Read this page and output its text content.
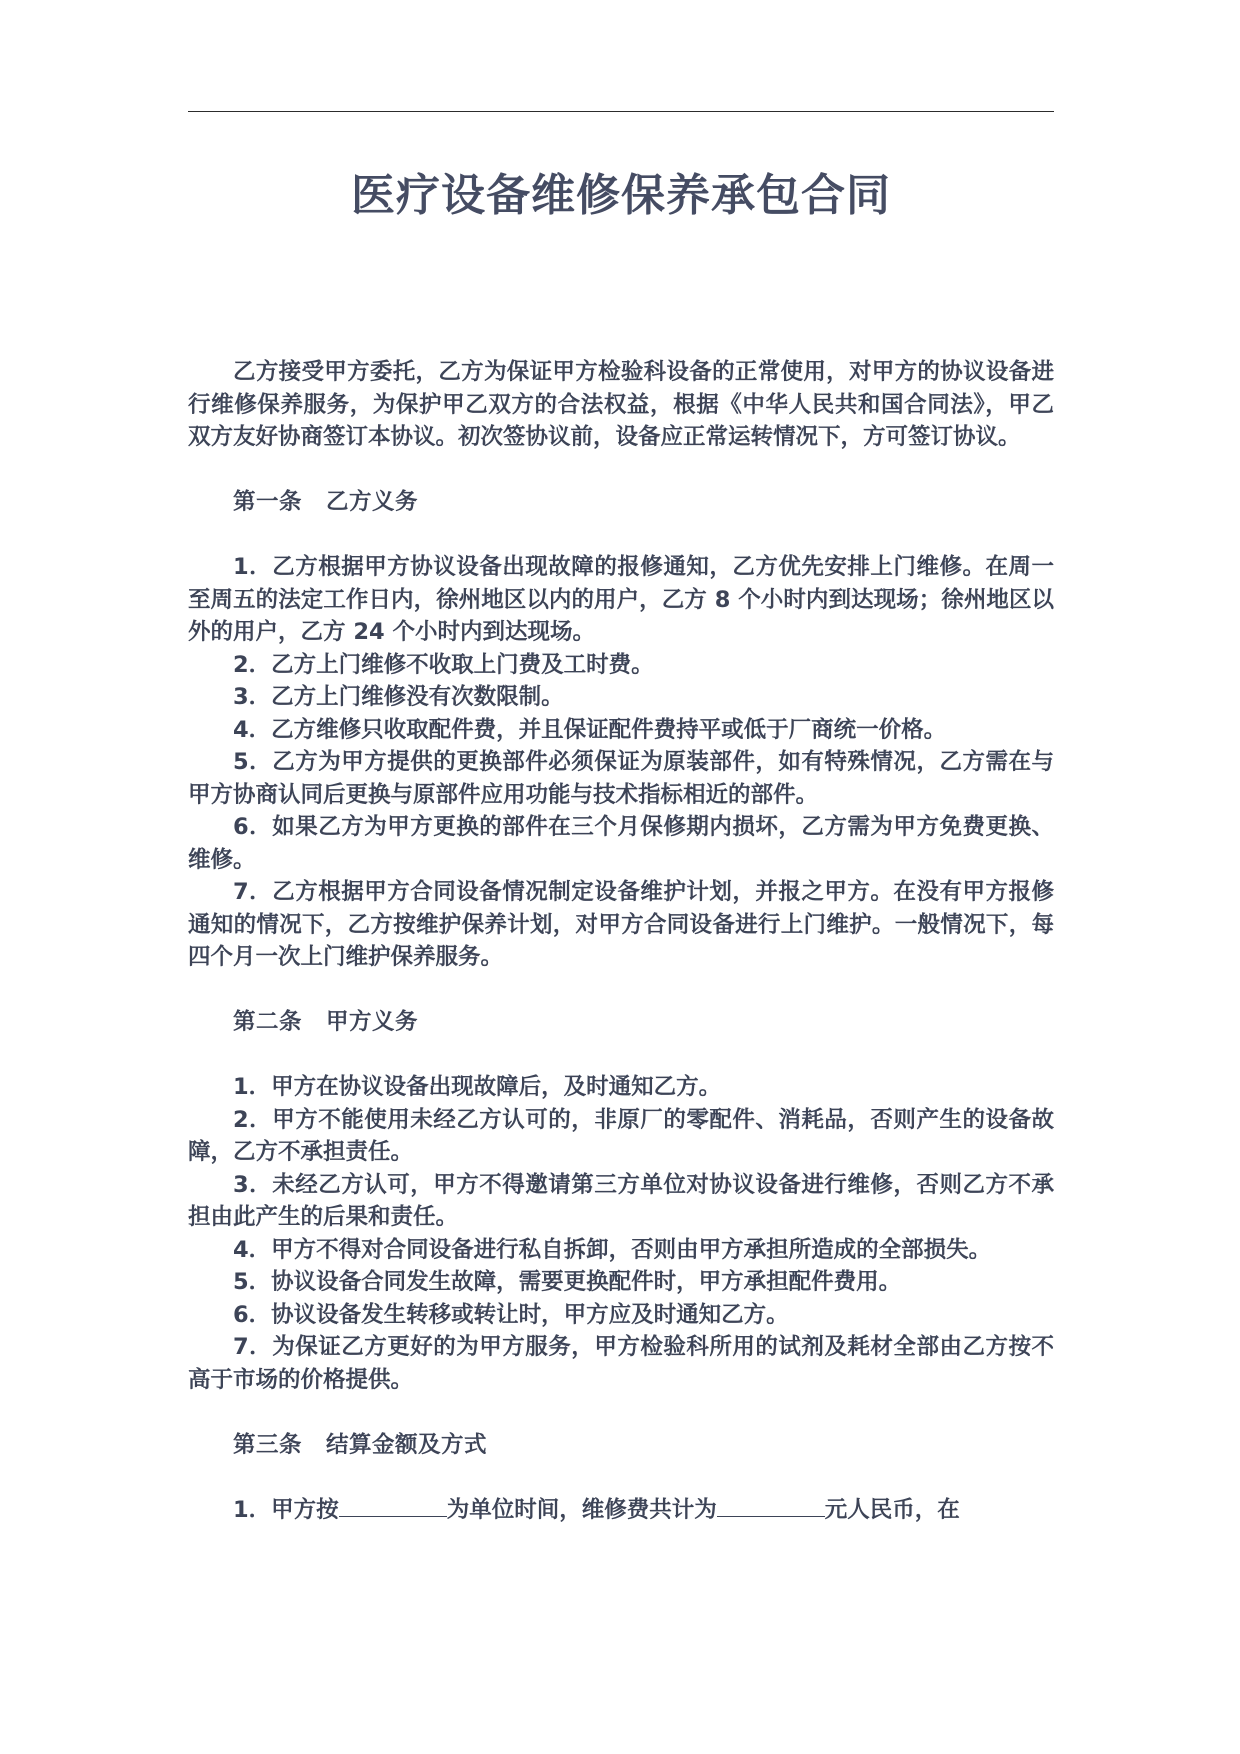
医疗设备维修保养承包合同

乙方接受甲方委托，乙方为保证甲方检验科设备的正常使用，对甲方的协议设备进行维修保养服务，为保护甲乙双方的合法权益，根据《中华人民共和国合同法》，甲乙双方友好协商签订本协议。初次签协议前，设备应正常运转情况下，方可签订协议。

第一条 乙方义务

1．乙方根据甲方协议设备出现故障的报修通知，乙方优先安排上门维修。在周一至周五的法定工作日内，徐州地区以内的用户，乙方 8 个小时内到达现场；徐州地区以外的用户，乙方 24 个小时内到达现场。

2．乙方上门维修不收取上门费及工时费。

3．乙方上门维修没有次数限制。

4．乙方维修只收取配件费，并且保证配件费持平或低于厂商统一价格。

5．乙方为甲方提供的更换部件必须保证为原装部件，如有特殊情况，乙方需在与甲方协商认同后更换与原部件应用功能与技术指标相近的部件。

6．如果乙方为甲方更换的部件在三个月保修期内损坏，乙方需为甲方免费更换、维修。

7．乙方根据甲方合同设备情况制定设备维护计划，并报之甲方。在没有甲方报修通知的情况下，乙方按维护保养计划，对甲方合同设备进行上门维护。一般情况下，每四个月一次上门维护保养服务。

第二条 甲方义务

1．甲方在协议设备出现故障后，及时通知乙方。

2．甲方不能使用未经乙方认可的，非原厂的零配件、消耗品，否则产生的设备故障，乙方不承担责任。

3．未经乙方认可，甲方不得邀请第三方单位对协议设备进行维修，否则乙方不承担由此产生的后果和责任。

4．甲方不得对合同设备进行私自拆卸，否则由甲方承担所造成的全部损失。

5．协议设备合同发生故障，需要更换配件时，甲方承担配件费用。

6．协议设备发生转移或转让时，甲方应及时通知乙方。

7．为保证乙方更好的为甲方服务，甲方检验科所用的试剂及耗材全部由乙方按不高于市场的价格提供。

第三条 结算金额及方式

1．甲方按	为单位时间，维修费共计为	元人民币，在
